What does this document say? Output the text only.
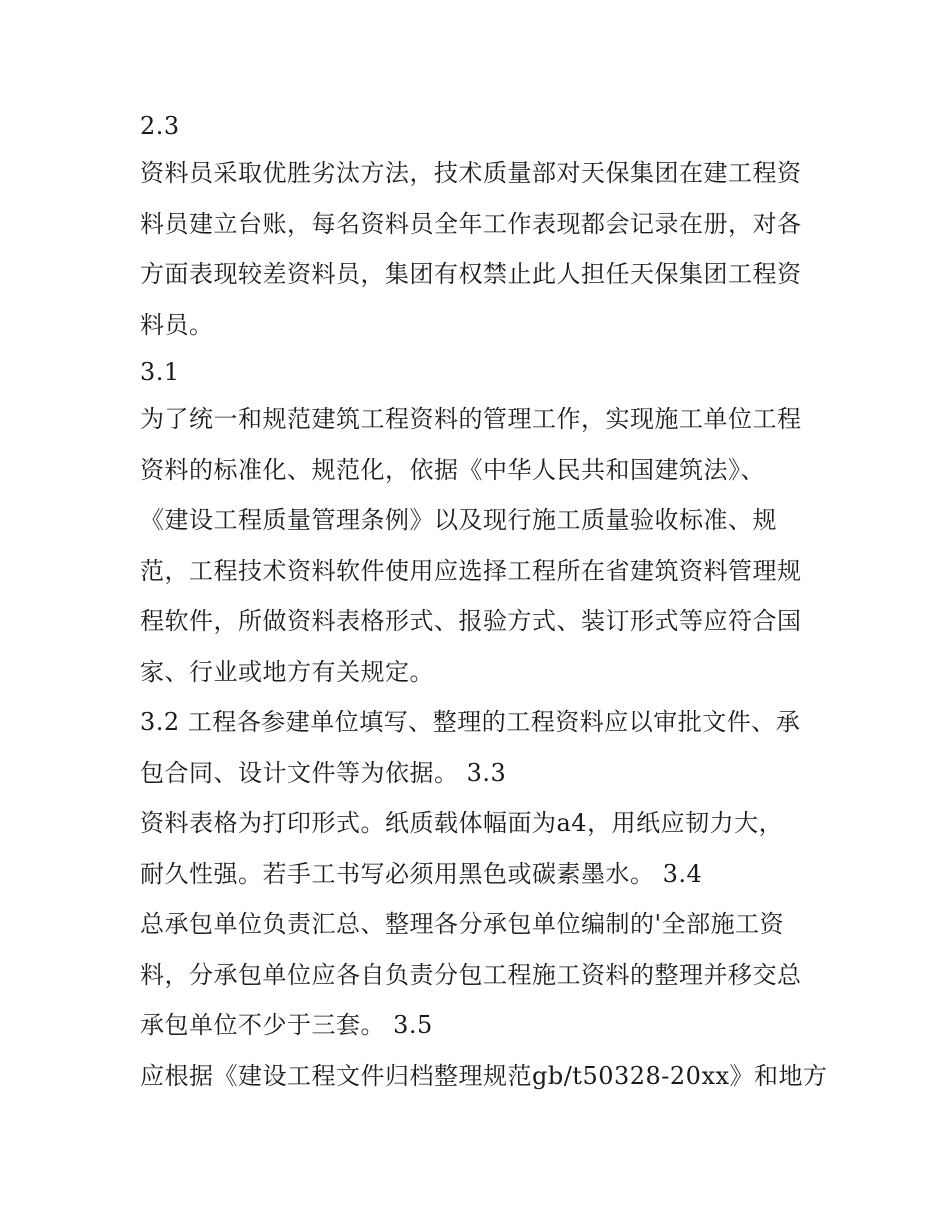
2.3
资料员采取优胜劣汰方法，技术质量部对天保集团在建工程资
料员建立台账，每名资料员全年工作表现都会记录在册，对各
方面表现较差资料员，集团有权禁止此人担任天保集团工程资
料员。
3.1
为了统一和规范建筑工程资料的管理工作，实现施工单位工程
资料的标准化、规范化，依据《中华人民共和国建筑法》、
《建设工程质量管理条例》以及现行施工质量验收标准、规
范，工程技术资料软件使用应选择工程所在省建筑资料管理规
程软件，所做资料表格形式、报验方式、装订形式等应符合国
家、行业或地方有关规定。
3.2 工程各参建单位填写、整理的工程资料应以审批文件、承
包合同、设计文件等为依据。 3.3
资料表格为打印形式。纸质载体幅面为a4，用纸应韧力大，
耐久性强。若手工书写必须用黑色或碳素墨水。 3.4
总承包单位负责汇总、整理各分承包单位编制的'全部施工资
料，分承包单位应各自负责分包工程施工资料的整理并移交总
承包单位不少于三套。 3.5
应根据《建设工程文件归档整理规范gb/t50328-20xx》和地方
